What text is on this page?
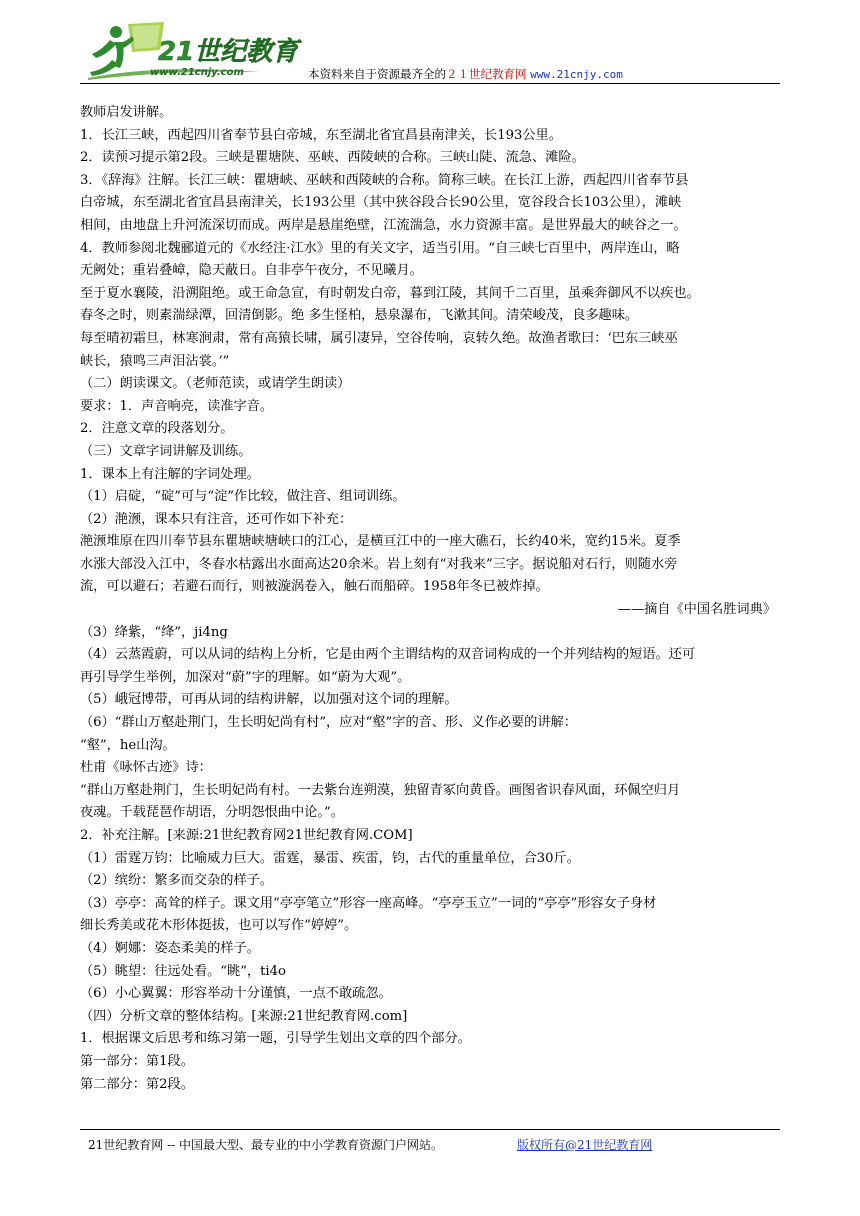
21世纪教育
www.21cnjy.com	本资料来自于资源最齐全的２１世纪教育网 www.21cnjy.com
教师启发讲解。
1．长江三峡，西起四川省奉节县白帝城，东至湖北省宜昌县南津关，长193公里。
2．读预习提示第2段。三峡是瞿塘陕、巫峡、西陵峡的合称。三峡山陡、流急、滩险。
3．《辞海》注解。长江三峡：瞿塘峡、巫峡和西陵峡的合称。简称三峡。在长江上游，西起四川省奉节县
白帝城，东至湖北省宜昌县南津关，长193公里（其中狭谷段合长90公里，宽谷段合长103公里），滩峡
相间，由地盘上升河流深切而成。两岸是悬崖绝壁，江流湍急，水力资源丰富。是世界最大的峡谷之一。
4．教师参阅北魏郦道元的《水经注·江水》里的有关文字，适当引用。“自三峡七百里中，两岸连山，略
无阙处；重岩叠嶂，隐天蔽日。自非亭午夜分，不见曦月。
至于夏水襄陵，沿溯阻绝。或王命急宣，有时朝发白帝，暮到江陵，其间千二百里，虽乘奔御风不以疾也。
春冬之时，则素湍绿潭，回清倒影。绝 多生怪柏，悬泉瀑布，飞漱其间。清荣峻茂，良多趣味。
每至晴初霜旦，林寒涧肃，常有高猿长啸，属引凄异，空谷传响，哀转久绝。故渔者歌曰：‘巴东三峡巫
峡长，猿鸣三声泪沾裳。’”
（二）朗读课文。（老师范读，或请学生朗读）
要求：1．声音响亮，读准字音。
2．注意文章的段落划分。
（三）文章字词讲解及训练。
1．课本上有注解的字词处理。
（1）启碇，“碇”可与“淀”作比较，做注音、组词训练。
（2）滟滪，课本只有注音，还可作如下补充：
滟滪堆原在四川奉节县东瞿塘峡塘峡口的江心，是横亘江中的一座大礁石，长约40米，宽约15米。夏季
水涨大部没入江中，冬春水枯露出水面高达20余米。岩上刻有“对我来”三字。据说船对石行，则随水旁
流，可以避石；若避石而行，则被漩涡卷入，触石而船碎。1958年冬已被炸掉。
——摘自《中国名胜词典》
（3）绛紫，“绛”，ji4ng
（4）云蒸霞蔚，可以从词的结构上分析，它是由两个主谓结构的双音词构成的一个并列结构的短语。还可
再引导学生举例，加深对“蔚”字的理解。如“蔚为大观”。
（5）峨冠博带，可再从词的结构讲解，以加强对这个词的理解。
（6）“群山万壑赴荆门，生长明妃尚有村”，应对“壑”字的音、形、义作必要的讲解：
“壑”，he山沟。
杜甫《咏怀古迹》诗：
“群山万壑赴荆门，生长明妃尚有村。一去紫台连朔漠，独留青冢向黄昏。画图省识春风面，环佩空归月
夜魂。千载琵琶作胡语，分明怨恨曲中论。”。
2．补充注解。[来源:21世纪教育网21世纪教育网.COM]
（1）雷霆万钧：比喻威力巨大。雷霆，暴雷、疾雷，钧，古代的重量单位，合30斤。
（2）缤纷：繁多而交杂的样子。
（3）亭亭：高耸的样子。课文用“亭亭笔立”形容一座高峰。“亭亭玉立”一词的“亭亭”形容女子身材
细长秀美或花木形体挺拔，也可以写作“婷婷”。
（4）婀娜：姿态柔美的样子。
（5）眺望：往远处看。“眺”，ti4o
（6）小心翼翼：形容举动十分谨慎，一点不敢疏忽。
（四）分析文章的整体结构。[来源:21世纪教育网.com]
1．根据课文后思考和练习第一题，引导学生划出文章的四个部分。
第一部分：第1段。
第二部分：第2段。
21世纪教育网 -- 中国最大型、最专业的中小学教育资源门户网站。	版权所有@21世纪教育网
